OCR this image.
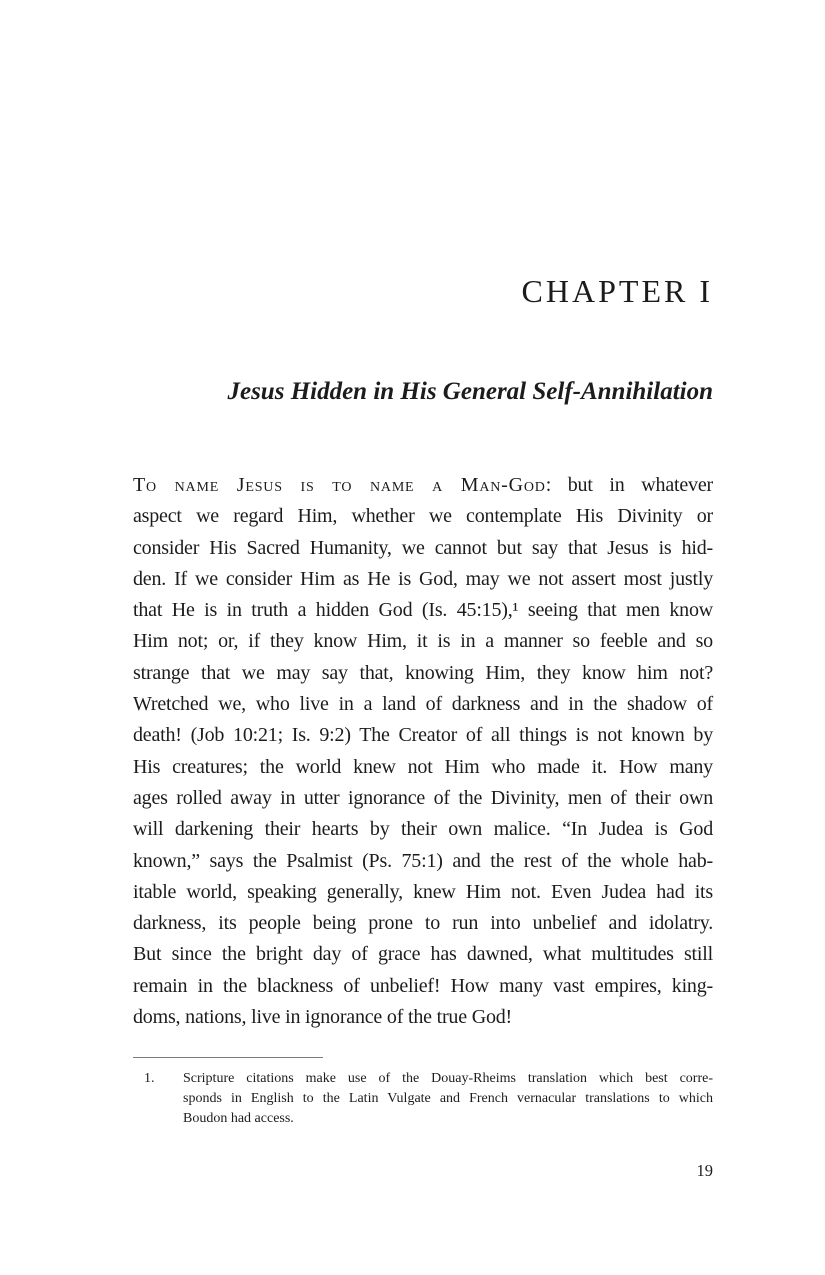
CHAPTER I
Jesus Hidden in His General Self-Annihilation
To name Jesus is to name a Man-God: but in whatever
aspect we regard Him, whether we contemplate His Divinity or
consider His Sacred Humanity, we cannot but say that Jesus is hid-
den. If we consider Him as He is God, may we not assert most justly
that He is in truth a hidden God (Is. 45:15),¹ seeing that men know
Him not; or, if they know Him, it is in a manner so feeble and so
strange that we may say that, knowing Him, they know him not?
Wretched we, who live in a land of darkness and in the shadow of
death! (Job 10:21; Is. 9:2) The Creator of all things is not known by
His creatures; the world knew not Him who made it. How many
ages rolled away in utter ignorance of the Divinity, men of their own
will darkening their hearts by their own malice. “In Judea is God
known,” says the Psalmist (Ps. 75:1) and the rest of the whole hab-
itable world, speaking generally, knew Him not. Even Judea had its
darkness, its people being prone to run into unbelief and idolatry.
But since the bright day of grace has dawned, what multitudes still
remain in the blackness of unbelief! How many vast empires, king-
doms, nations, live in ignorance of the true God!
1.	Scripture citations make use of the Douay-Rheims translation which best corre-
sponds in English to the Latin Vulgate and French vernacular translations to which
Boudon had access.
19
